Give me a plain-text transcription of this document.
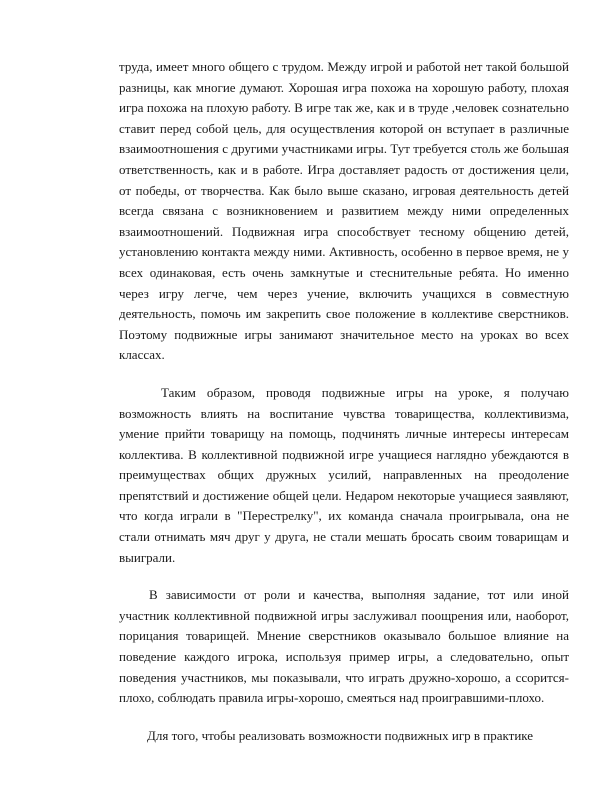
труда, имеет много общего с трудом. Между игрой и работой нет такой большой разницы, как многие думают. Хорошая игра похожа на хорошую работу, плохая игра похожа на плохую работу. В игре так же, как и в труде ,человек сознательно ставит перед собой цель, для осуществления которой он вступает в различные взаимоотношения с другими участниками игры. Тут требуется столь же большая ответственность, как и в работе. Игра доставляет радость от достижения цели, от победы, от творчества. Как было выше сказано, игровая деятельность детей всегда связана с возникновением и развитием между ними определенных взаимоотношений. Подвижная игра способствует тесному общению детей, установлению контакта между ними. Активность, особенно в первое время, не у всех одинаковая, есть очень замкнутые и стеснительные ребята. Но именно через игру легче, чем через учение, включить учащихся в совместную деятельность, помочь им закрепить свое положение в коллективе сверстников. Поэтому подвижные игры занимают значительное место на уроках во всех классах.

Таким образом, проводя подвижные игры на уроке, я получаю возможность влиять на воспитание чувства товарищества, коллективизма, умение прийти товарищу на помощь, подчинять личные интересы интересам коллектива. В коллективной подвижной игре учащиеся наглядно убеждаются в преимуществах общих дружных усилий, направленных на преодоление препятствий и достижение общей цели. Недаром некоторые учащиеся заявляют, что когда играли в "Перестрелку", их команда сначала проигрывала, она не стали отнимать мяч друг у друга, не стали мешать бросать своим товарищам и выиграли.

В зависимости от роли и качества, выполняя задание, тот или иной участник коллективной подвижной игры заслуживал поощрения или, наоборот, порицания товарищей. Мнение сверстников оказывало большое влияние на поведение каждого игрока, используя пример игры, а следовательно, опыт поведения участников, мы показывали, что играть дружно-хорошо, а ссорится-плохо, соблюдать правила игры-хорошо, смеяться над проигравшими-плохо.

Для того, чтобы реализовать возможности подвижных игр в практике
